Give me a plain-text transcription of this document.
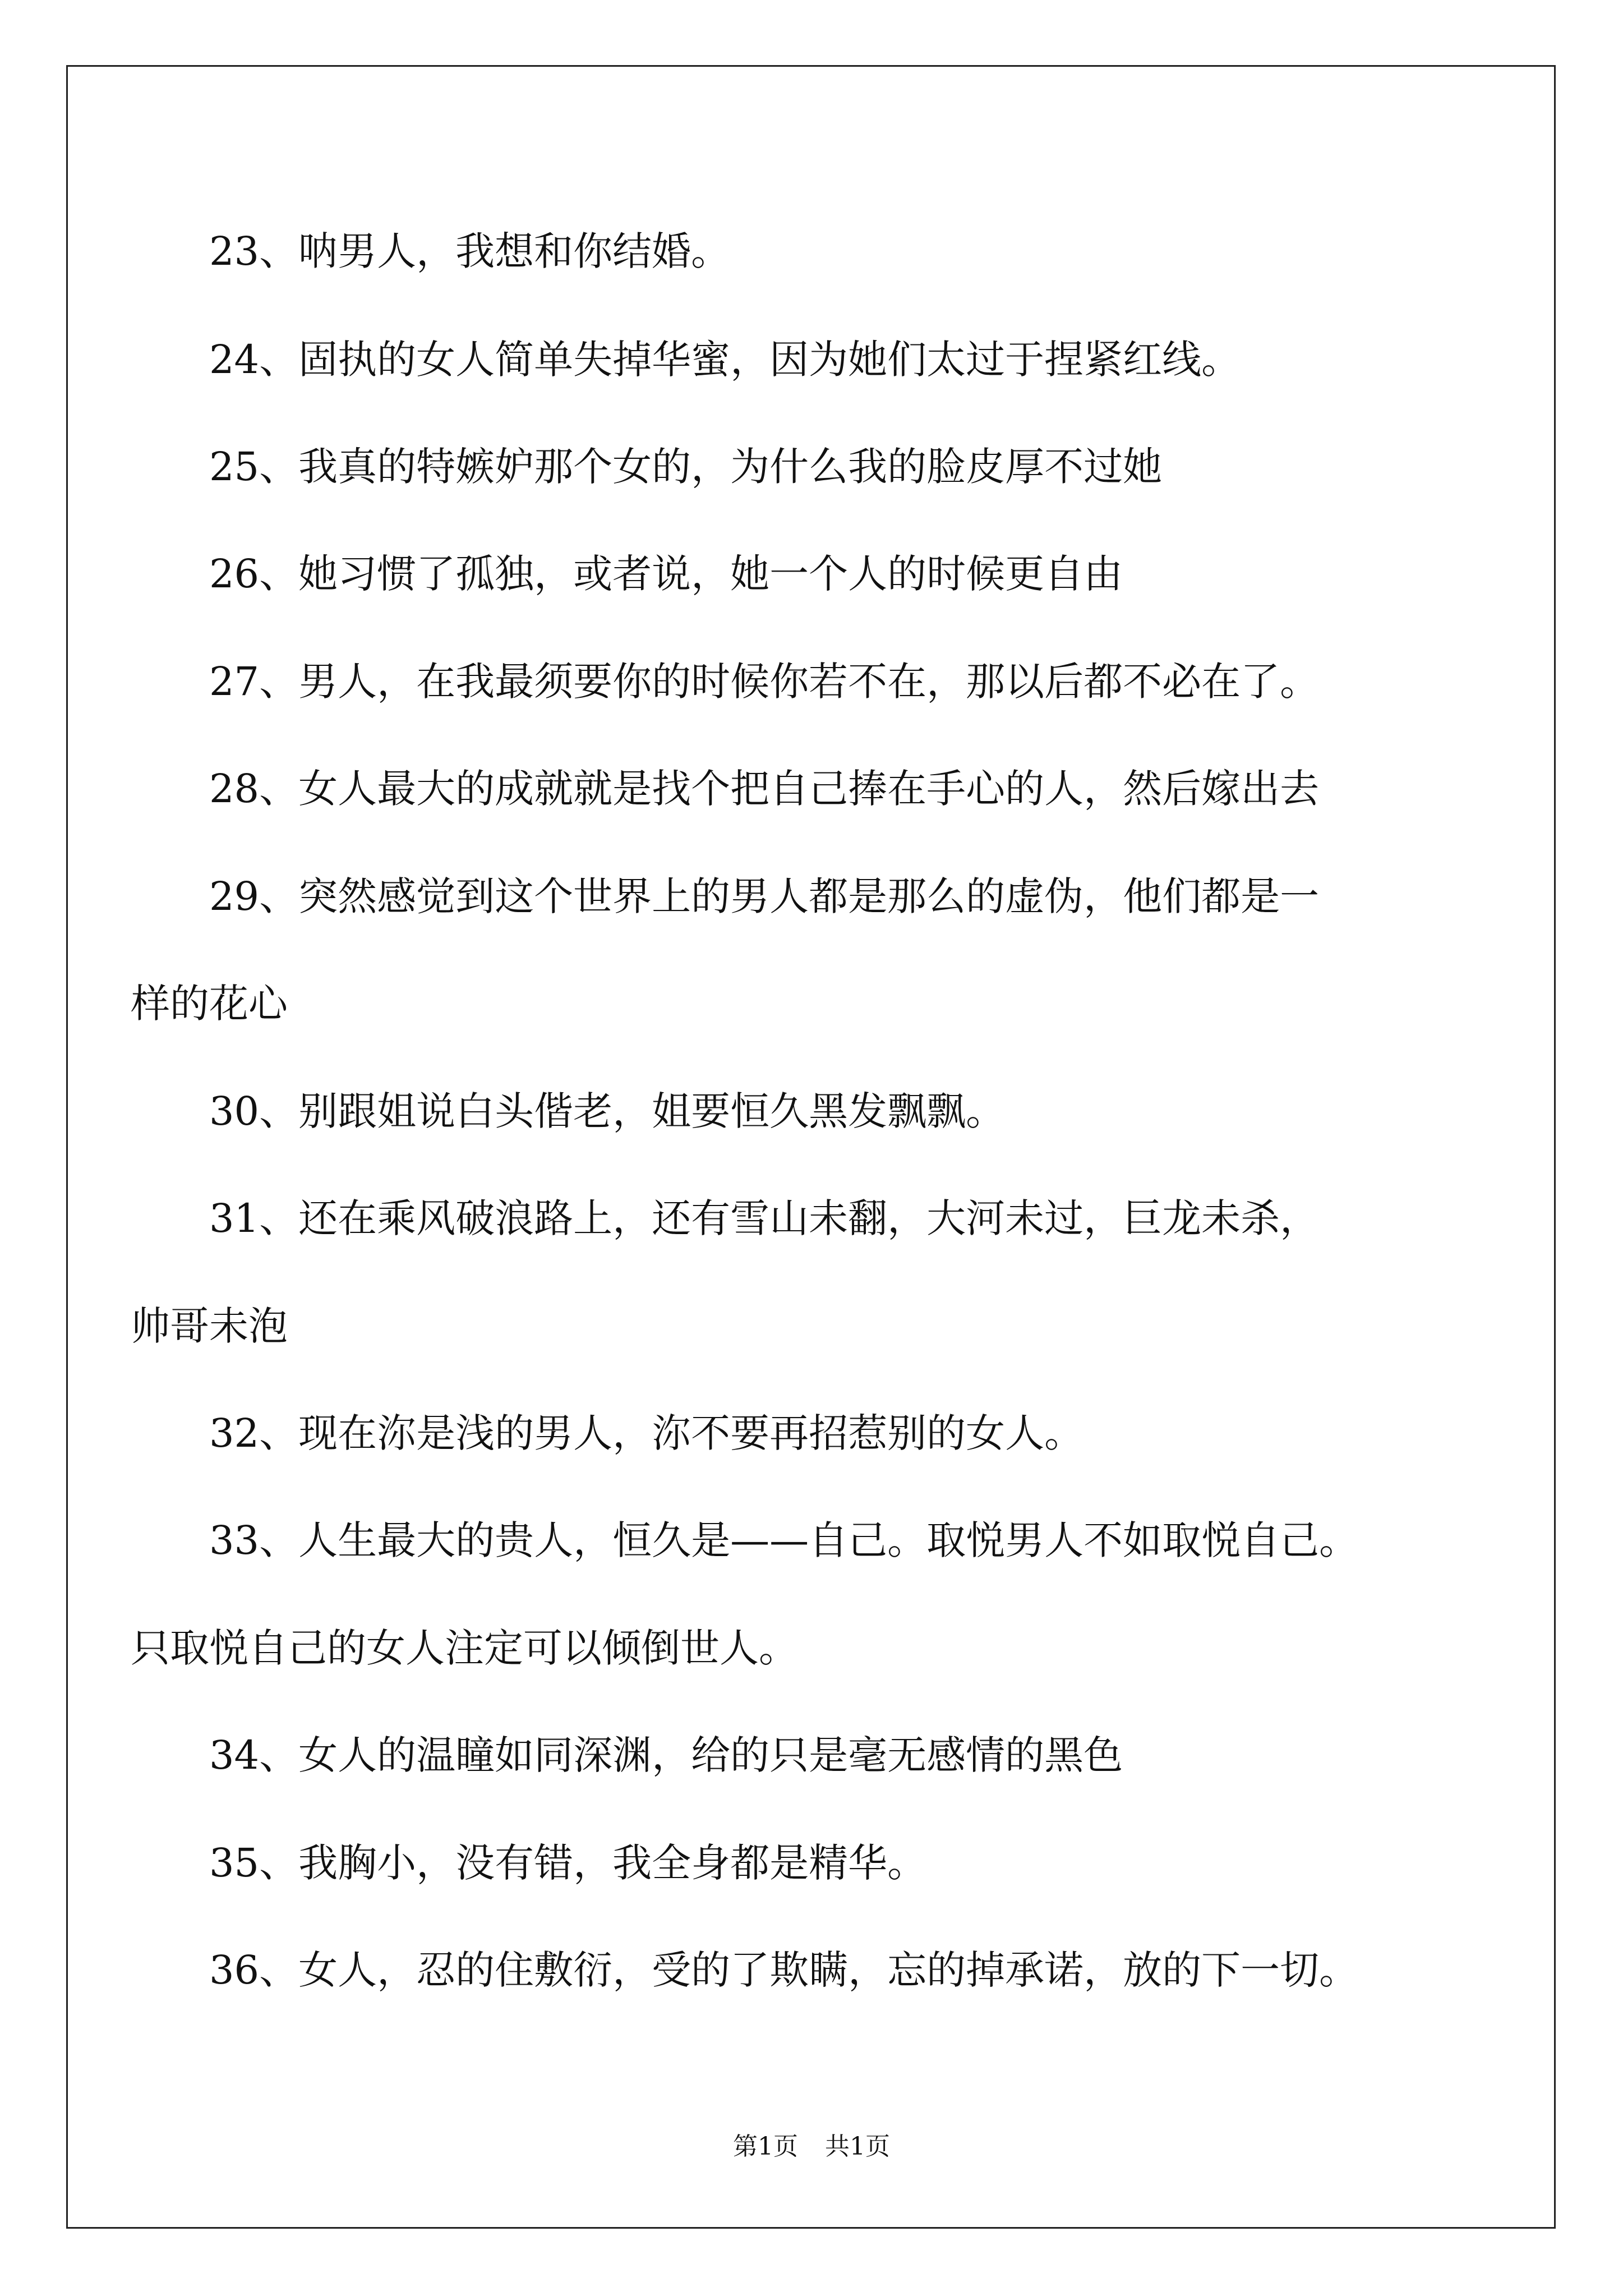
23、呐男人，我想和你结婚。

24、固执的女人简单失掉华蜜，因为她们太过于捏紧红线。

25、我真的特嫉妒那个女的，为什么我的脸皮厚不过她

26、她习惯了孤独，或者说，她一个人的时候更自由

27、男人，在我最须要你的时候你若不在，那以后都不必在了。

28、女人最大的成就就是找个把自己捧在手心的人，然后嫁出去

29、突然感觉到这个世界上的男人都是那么的虚伪，他们都是一

样的花心

30、别跟姐说白头偕老，姐要恒久黑发飘飘。

31、还在乘风破浪路上，还有雪山未翻，大河未过，巨龙未杀，

帅哥未泡

32、现在沵是浅的男人，沵不要再招惹别的女人。

33、人生最大的贵人，恒久是——自己。取悦男人不如取悦自己。

只取悦自己的女人注定可以倾倒世人。

34、女人的温瞳如同深渊，给的只是毫无感情的黑色

35、我胸小，没有错，我全身都是精华。

36、女人，忍的住敷衍，受的了欺瞒，忘的掉承诺，放的下一切。

第1页 共1页
